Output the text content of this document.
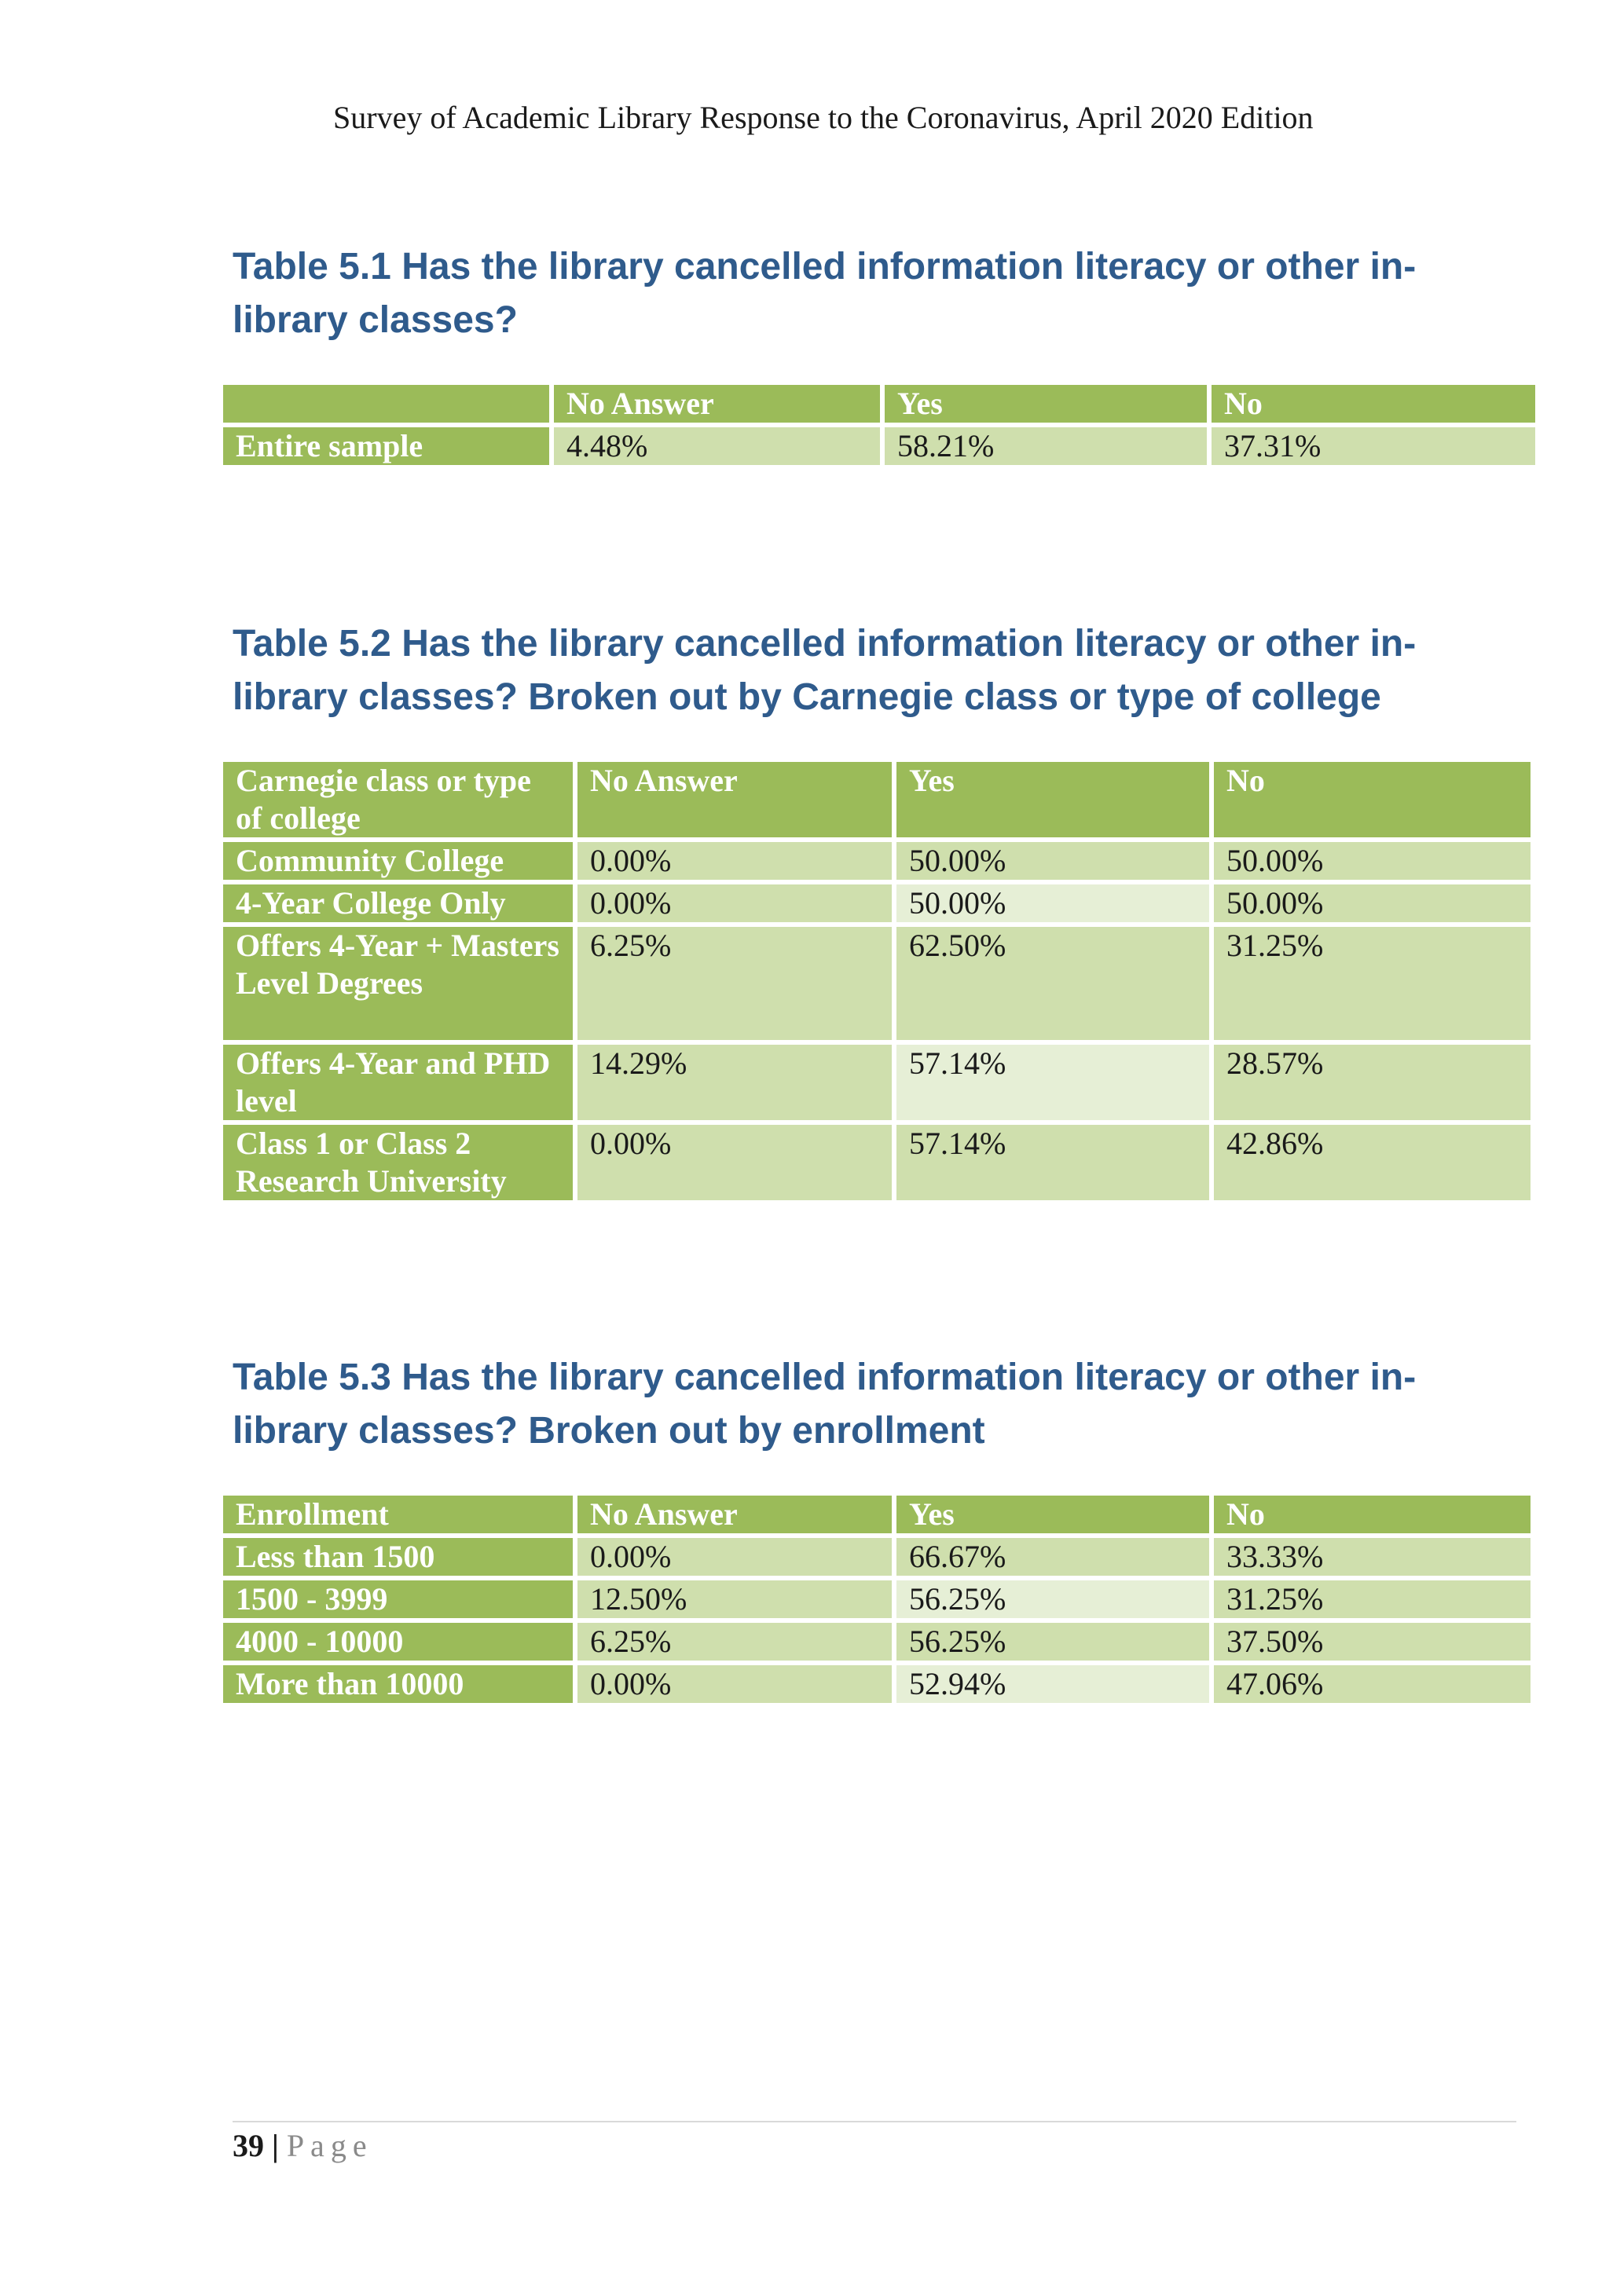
Survey of Academic Library Response to the Coronavirus, April 2020 Edition
Table 5.1 Has the library cancelled information literacy or other in-library classes?
	No Answer	Yes	No
Entire sample	4.48%	58.21%	37.31%
Table 5.2 Has the library cancelled information literacy or other in-library classes? Broken out by Carnegie class or type of college
Carnegie class or type of college	No Answer	Yes	No
Community College	0.00%	50.00%	50.00%
4-Year College Only	0.00%	50.00%	50.00%
Offers 4-Year + Masters Level Degrees	6.25%	62.50%	31.25%
Offers 4-Year and PHD level	14.29%	57.14%	28.57%
Class 1 or Class 2 Research University	0.00%	57.14%	42.86%
Table 5.3 Has the library cancelled information literacy or other in-library classes? Broken out by enrollment
Enrollment	No Answer	Yes	No
Less than 1500	0.00%	66.67%	33.33%
1500 - 3999	12.50%	56.25%	31.25%
4000 - 10000	6.25%	56.25%	37.50%
More than 10000	0.00%	52.94%	47.06%
39 | Page
